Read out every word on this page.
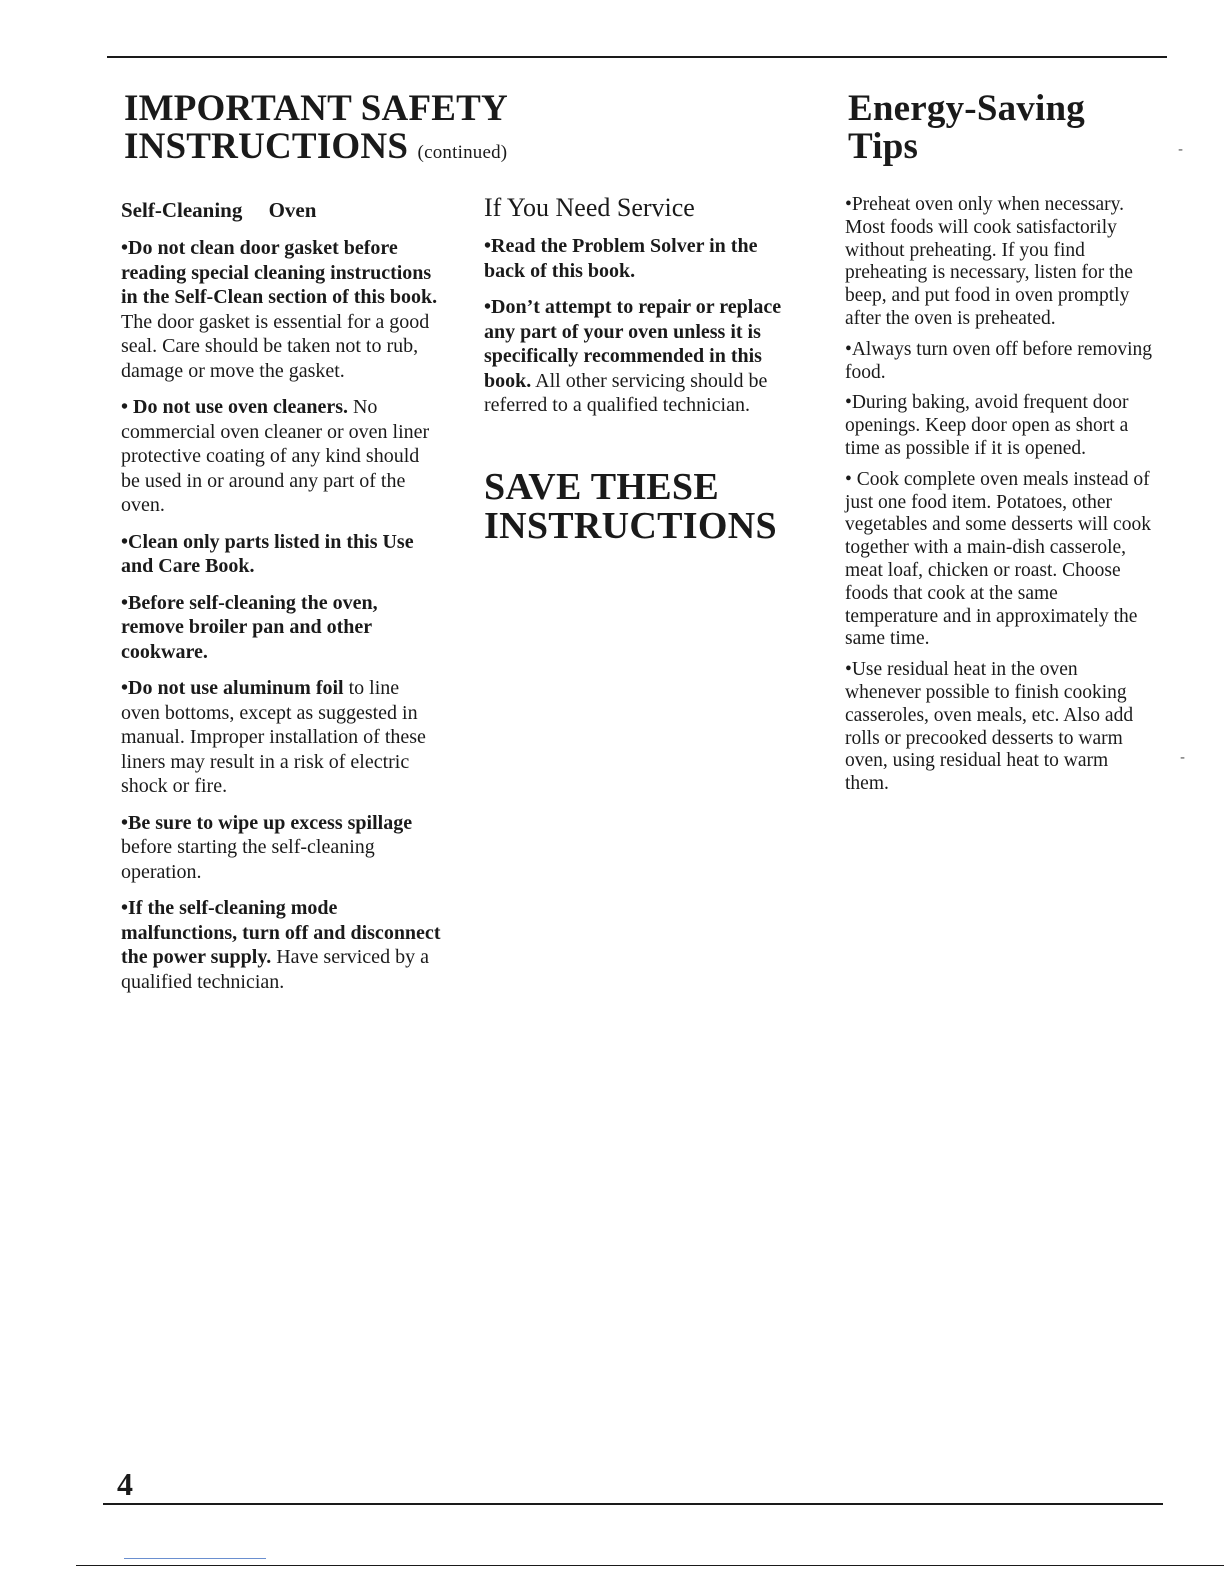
IMPORTANT SAFETY
INSTRUCTIONS (continued)
Energy-Saving
Tips
Self-Cleaning     Oven

•Do not clean door gasket before reading special cleaning instructions in the Self-Clean section of this book. The door gasket is essential for a good seal. Care should be taken not to rub, damage or move the gasket.

• Do not use oven cleaners. No commercial oven cleaner or oven liner protective coating of any kind should be used in or around any part of the oven.

•Clean only parts listed in this Use and Care Book.

•Before self-cleaning the oven, remove broiler pan and other cookware.

•Do not use aluminum foil to line oven bottoms, except as suggested in manual. Improper installation of these liners may result in a risk of electric shock or fire.

•Be sure to wipe up excess spillage before starting the self-cleaning operation.

•If the self-cleaning mode malfunctions, turn off and disconnect the power supply. Have serviced by a qualified technician.

If You Need Service

•Read the Problem Solver in the back of this book.

•Don’t attempt to repair or replace any part of your oven unless it is specifically recommended in this book. All other servicing should be referred to a qualified technician.

SAVE THESE
INSTRUCTIONS

•Preheat oven only when necessary. Most foods will cook satisfactorily without preheating. If you find preheating is necessary, listen for the beep, and put food in oven promptly after the oven is preheated.

•Always turn oven off before removing food.

•During baking, avoid frequent door openings. Keep door open as short a time as possible if it is opened.

• Cook complete oven meals instead of just one food item. Potatoes, other vegetables and some desserts will cook together with a main-dish casserole, meat loaf, chicken or roast. Choose foods that cook at the same temperature and in approximately the same time.

•Use residual heat in the oven whenever possible to finish cooking casseroles, oven meals, etc. Also add rolls or precooked desserts to warm oven, using residual heat to warm them.

-
-
4
